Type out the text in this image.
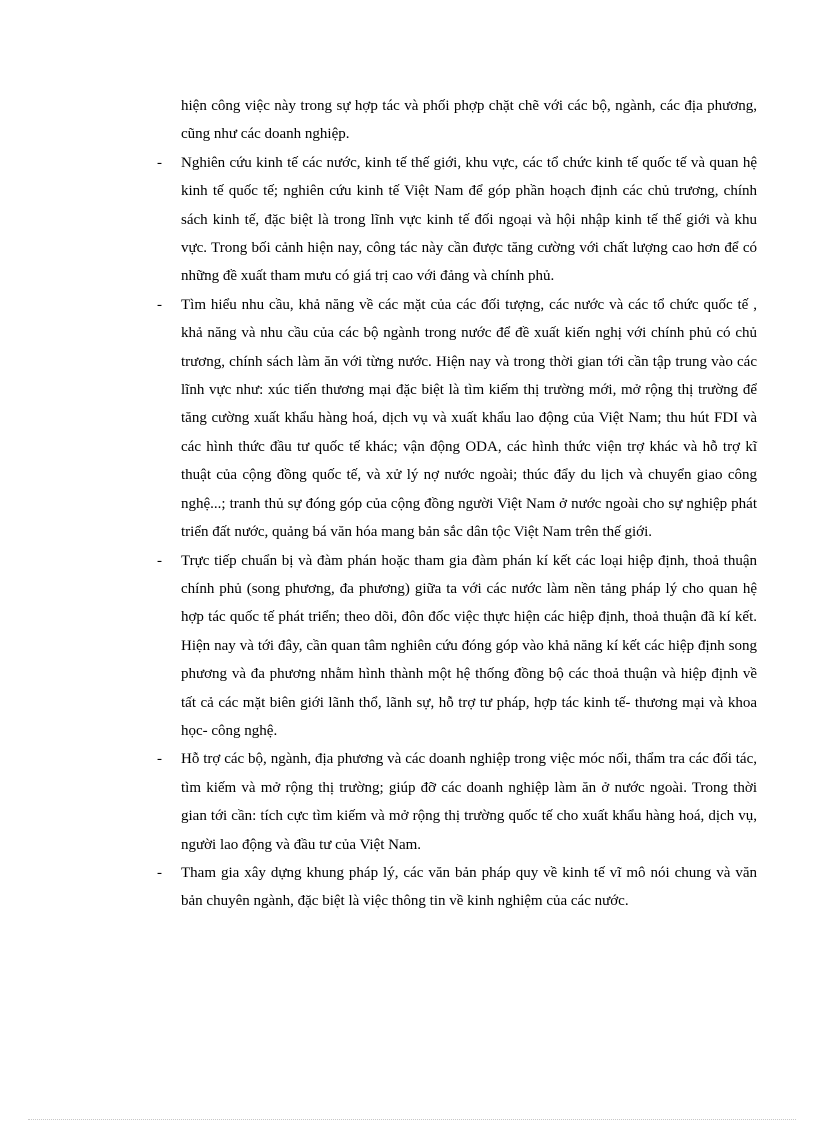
hiện công việc này trong sự hợp tác và phối phợp chặt chẽ với các bộ, ngành, các địa phương, cũng như các doanh nghiệp.

-	Nghiên cứu kinh tế các nước, kinh tế thế giới, khu vực, các tổ chức kinh tế quốc tế và quan hệ kinh tế quốc tế; nghiên cứu kinh tế Việt Nam để góp phần hoạch định các chủ trương, chính sách kinh tế, đặc biệt là trong lĩnh vực kinh tế đối ngoại và hội nhập kinh tế thế giới và khu vực. Trong bối cảnh hiện nay, công tác này cần được tăng cường với chất lượng cao hơn để có những đề xuất tham mưu có giá trị cao với đảng và chính phủ.
-	Tìm hiểu nhu cầu, khả năng về các mặt của các đối tượng, các nước và các tổ chức quốc tế , khả năng và nhu cầu của các bộ ngành trong nước để đề xuất kiến nghị với chính phủ có chủ trương, chính sách làm ăn với từng nước. Hiện nay và trong thời gian tới cần tập trung vào các lĩnh vực như: xúc tiến thương mại đặc biệt là tìm kiếm thị trường mới, mở rộng thị trường để tăng cường xuất khẩu hàng hoá, dịch vụ và xuất khẩu lao động của Việt Nam; thu hút FDI và các hình thức đầu tư quốc tế khác; vận động ODA, các hình thức viện trợ khác và hỗ trợ kĩ thuật của cộng đồng quốc tế, và xử lý nợ nước ngoài; thúc đẩy du lịch và chuyển giao công nghệ...; tranh thủ sự đóng góp của cộng đồng người Việt Nam ở nước ngoài cho sự nghiệp phát triển đất nước, quảng bá văn hóa mang bản sắc dân tộc Việt Nam trên thế giới.
-	Trực tiếp chuẩn bị và đàm phán hoặc tham gia đàm phán kí kết các loại hiệp định, thoả thuận chính phủ (song phương, đa phương) giữa ta với các nước làm nền tảng pháp lý cho quan hệ hợp tác quốc tế phát triển; theo dõi, đôn đốc việc thực hiện các hiệp định, thoả thuận đã kí kết. Hiện nay và tới đây, cần quan tâm nghiên cứu đóng góp vào khả năng kí kết các hiệp định song phương và đa phương nhằm hình thành một hệ thống đồng bộ các thoả thuận và hiệp định về tất cả các mặt biên giới lãnh thổ, lãnh sự, hỗ trợ tư pháp, hợp tác kinh tế- thương mại và khoa học- công nghệ.
-	Hỗ trợ các bộ, ngành, địa phương và các doanh nghiệp trong việc móc nối, thẩm tra các đối tác, tìm kiếm và mở rộng thị trường; giúp đỡ các doanh nghiệp làm ăn ở nước ngoài. Trong thời gian tới cần: tích cực tìm kiếm và mở rộng thị trường quốc tế cho xuất khẩu hàng hoá, dịch vụ, người lao động và đầu tư của Việt Nam.
-	Tham gia xây dựng khung pháp lý, các văn bản pháp quy về kinh tế vĩ mô nói chung và văn bản chuyên ngành, đặc biệt là việc thông tin về kinh nghiệm của các nước.
